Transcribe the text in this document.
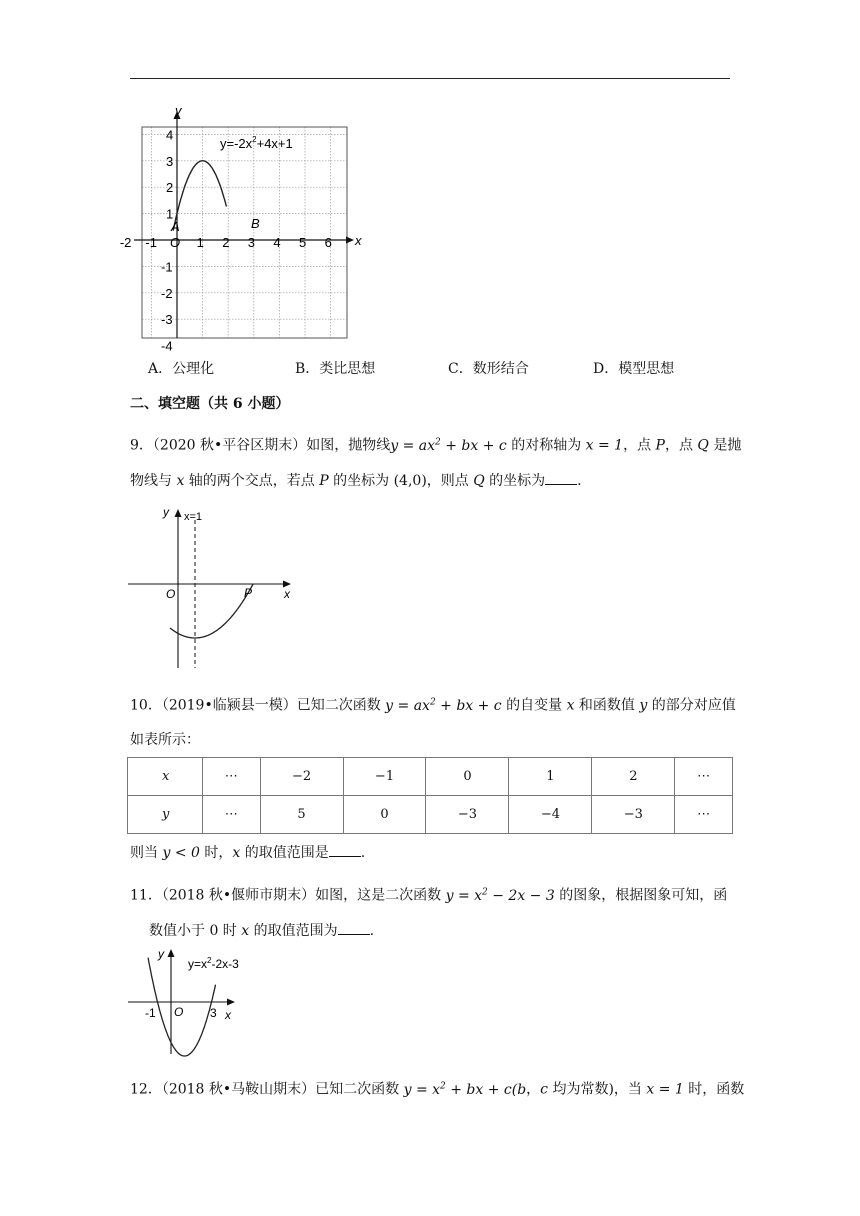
y
x
O
A	B
$y=-2x^2+4x+1$
-2 -1	1 2 3 4 5 6
4
3
2
1
-1
-2
-3
-4
A．公理化	B．类比思想	C．数形结合	D．模型思想
二、填空题（共 6 小题）
9．（2020 秋•平谷区期末）如图，抛物线$y = ax^2$ + bx + c 的对称轴为 x = 1，点 P，点 Q 是抛
物线与 x 轴的两个交点，若点 P 的坐标为 (4,0)，则点 Q 的坐标为 .
y
x
O	P
x=1
10．（2019•临颍县一模）已知二次函数 $y = ax^2$ + bx + c 的自变量 x 和函数值 y 的部分对应值
如表所示：
x	⋯	−2	−1	0	1	2	⋯
y	⋯	5	0	−3	−4	−3	⋯
则当 y < 0 时，x 的取值范围是 .
11．（2018 秋•偃师市期末）如图，这是二次函数 $y = x^2 - 2x - 3$ 的图象，根据图象可知，函
数值小于 0 时 x 的取值范围为 .
y
x
O
-1	3
$y=x^2-2x-3$
12．（2018 秋•马鞍山期末）已知二次函数 $y = x^2$ + bx + c(b，c 均为常数)，当 x = 1 时，函数
